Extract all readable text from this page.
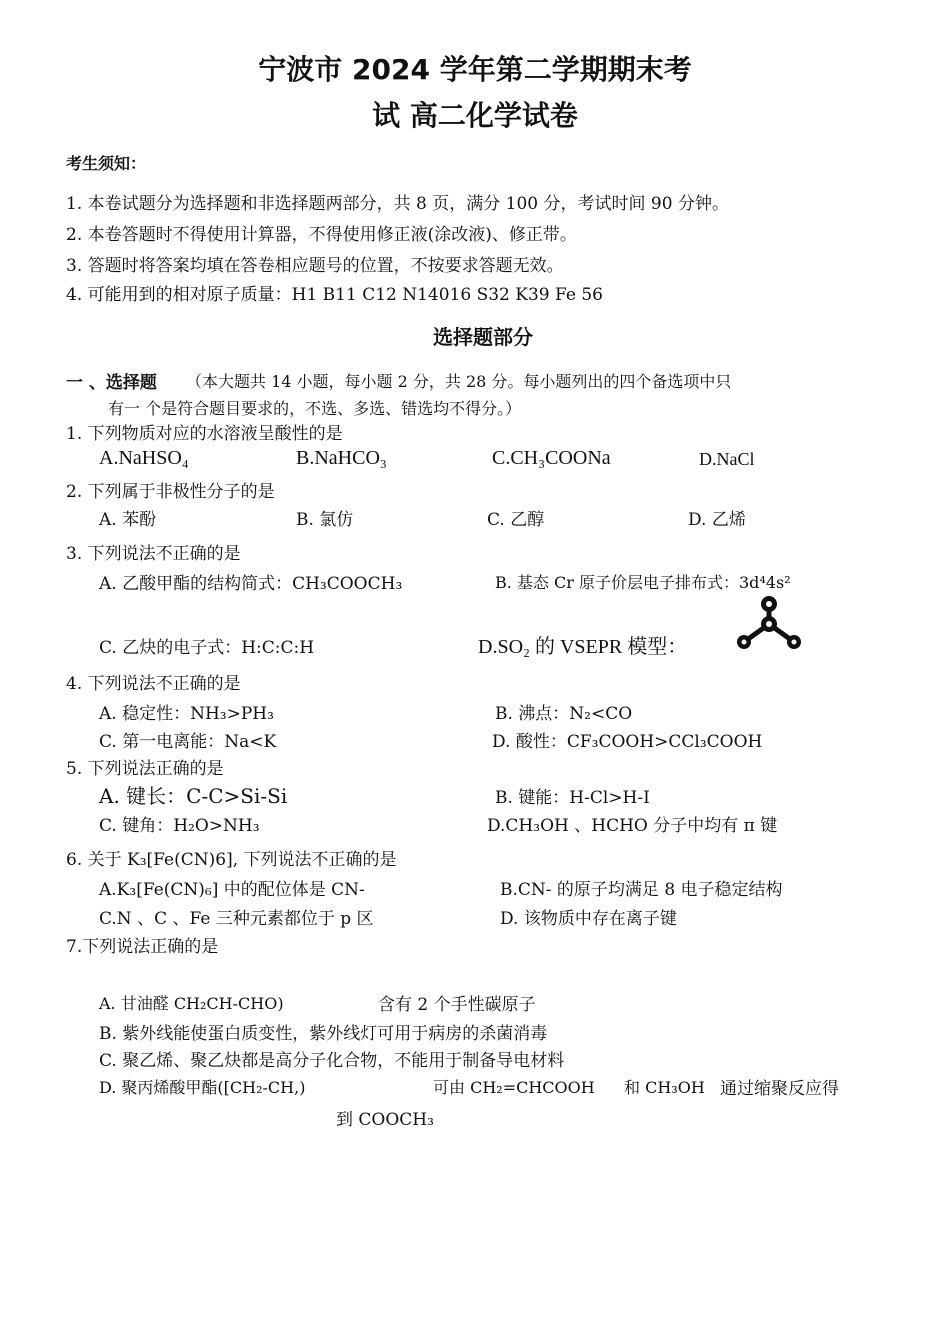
宁波市 2024 学年第二学期期末考
试 高二化学试卷
考生须知：
1. 本卷试题分为选择题和非选择题两部分，共 8 页，满分 100 分，考试时间 90 分钟。
2. 本卷答题时不得使用计算器，不得使用修正液(涂改液)、修正带。
3. 答题时将答案均填在答卷相应题号的位置，不按要求答题无效。
4. 可能用到的相对原子质量：H1 B11 C12 N14016 S32 K39 Fe 56
选择题部分
一 、选择题 （本大题共 14 小题，每小题 2 分，共 28 分。每小题列出的四个备选项中只
有一 个是符合题目要求的，不选、多选、错选均不得分。）
1. 下列物质对应的水溶液呈酸性的是
A.NaHSO₄	B.NaHCO₃	C.CH₃COONa	D.NaCl
2. 下列属于非极性分子的是
A. 苯酚	B. 氯仿	C. 乙醇	D. 乙烯
3. 下列说法不正确的是
A. 乙酸甲酯的结构简式：CH₃COOCH₃	B. 基态 Cr 原子价层电子排布式：3d⁴4s²
C. 乙炔的电子式：H:C:C:H	D.SO₂ 的 VSEPR 模型：
4. 下列说法不正确的是
A. 稳定性：NH₃>PH₃	B. 沸点：N₂<CO
C. 第一电离能：Na<K	D. 酸性：CF₃COOH>CCl₃COOH
5. 下列说法正确的是
A. 键长：C-C>Si-Si	B. 键能：H-Cl>H-I
C. 键角：H₂O>NH₃	D.CH₃OH 、HCHO 分子中均有 π 键
6. 关于 K₃[Fe(CN)6], 下列说法不正确的是
A.K₃[Fe(CN)₆] 中的配位体是 CN-	B.CN- 的原子均满足 8 电子稳定结构
C.N 、C 、Fe 三种元素都位于 p 区	D. 该物质中存在离子键
7.下列说法正确的是
A. 甘油醛 CH₂CH-CHO)	含有 2 个手性碳原子
B. 紫外线能使蛋白质变性，紫外线灯可用于病房的杀菌消毒
C. 聚乙烯、聚乙炔都是高分子化合物，不能用于制备导电材料
D. 聚丙烯酸甲酯([CH₂-CH,)	可由 CH₂=CHCOOH 和 CH₃OH 通过缩聚反应得
到 COOCH₃
